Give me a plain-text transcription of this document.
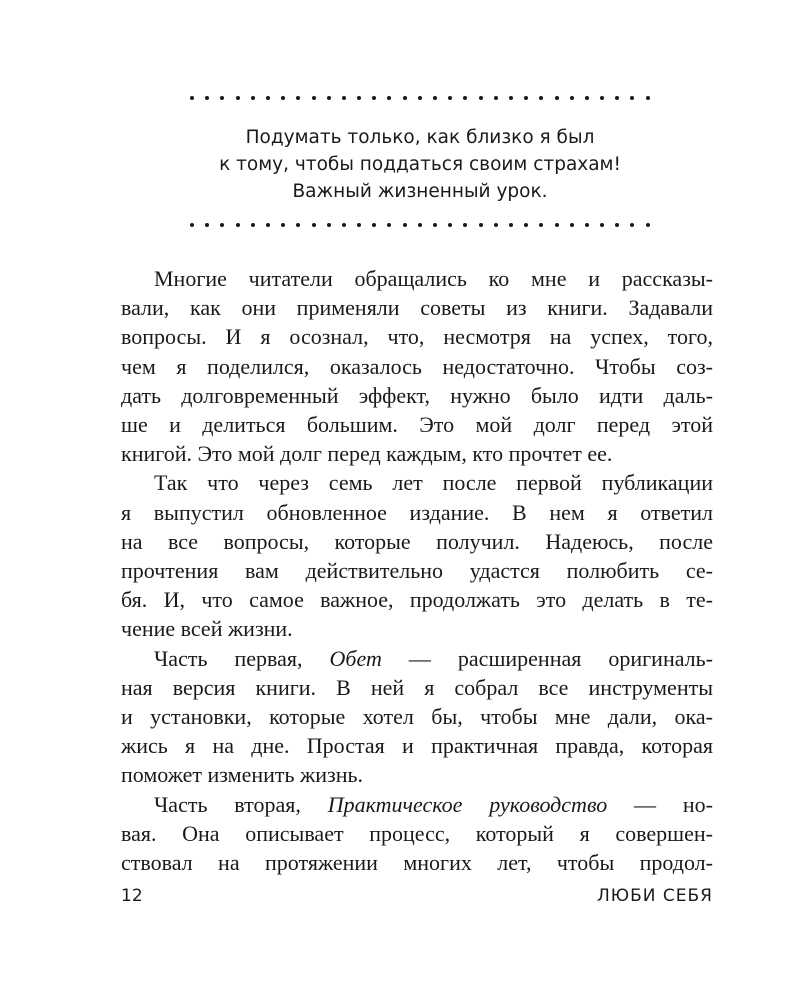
Подумать только, как близко я был
к тому, чтобы поддаться своим страхам!
Важный жизненный урок.
Многие читатели обращались ко мне и рассказы-
вали, как они применяли советы из книги. Задавали
вопросы. И я осознал, что, несмотря на успех, того,
чем я поделился, оказалось недостаточно. Чтобы соз-
дать долговременный эффект, нужно было идти даль-
ше и делиться большим. Это мой долг перед этой
книгой. Это мой долг перед каждым, кто прочтет ее.
Так что через семь лет после первой публикации
я выпустил обновленное издание. В нем я ответил
на все вопросы, которые получил. Надеюсь, после
прочтения вам действительно удастся полюбить се-
бя. И, что самое важное, продолжать это делать в те-
чение всей жизни.
Часть первая, Обет — расширенная оригиналь-
ная версия книги. В ней я собрал все инструменты
и установки, которые хотел бы, чтобы мне дали, ока-
жись я на дне. Простая и практичная правда, которая
поможет изменить жизнь.
Часть вторая, Практическое руководство — но-
вая. Она описывает процесс, который я совершен-
ствовал на протяжении многих лет, чтобы продол-
12	ЛЮБИ СЕБЯ
